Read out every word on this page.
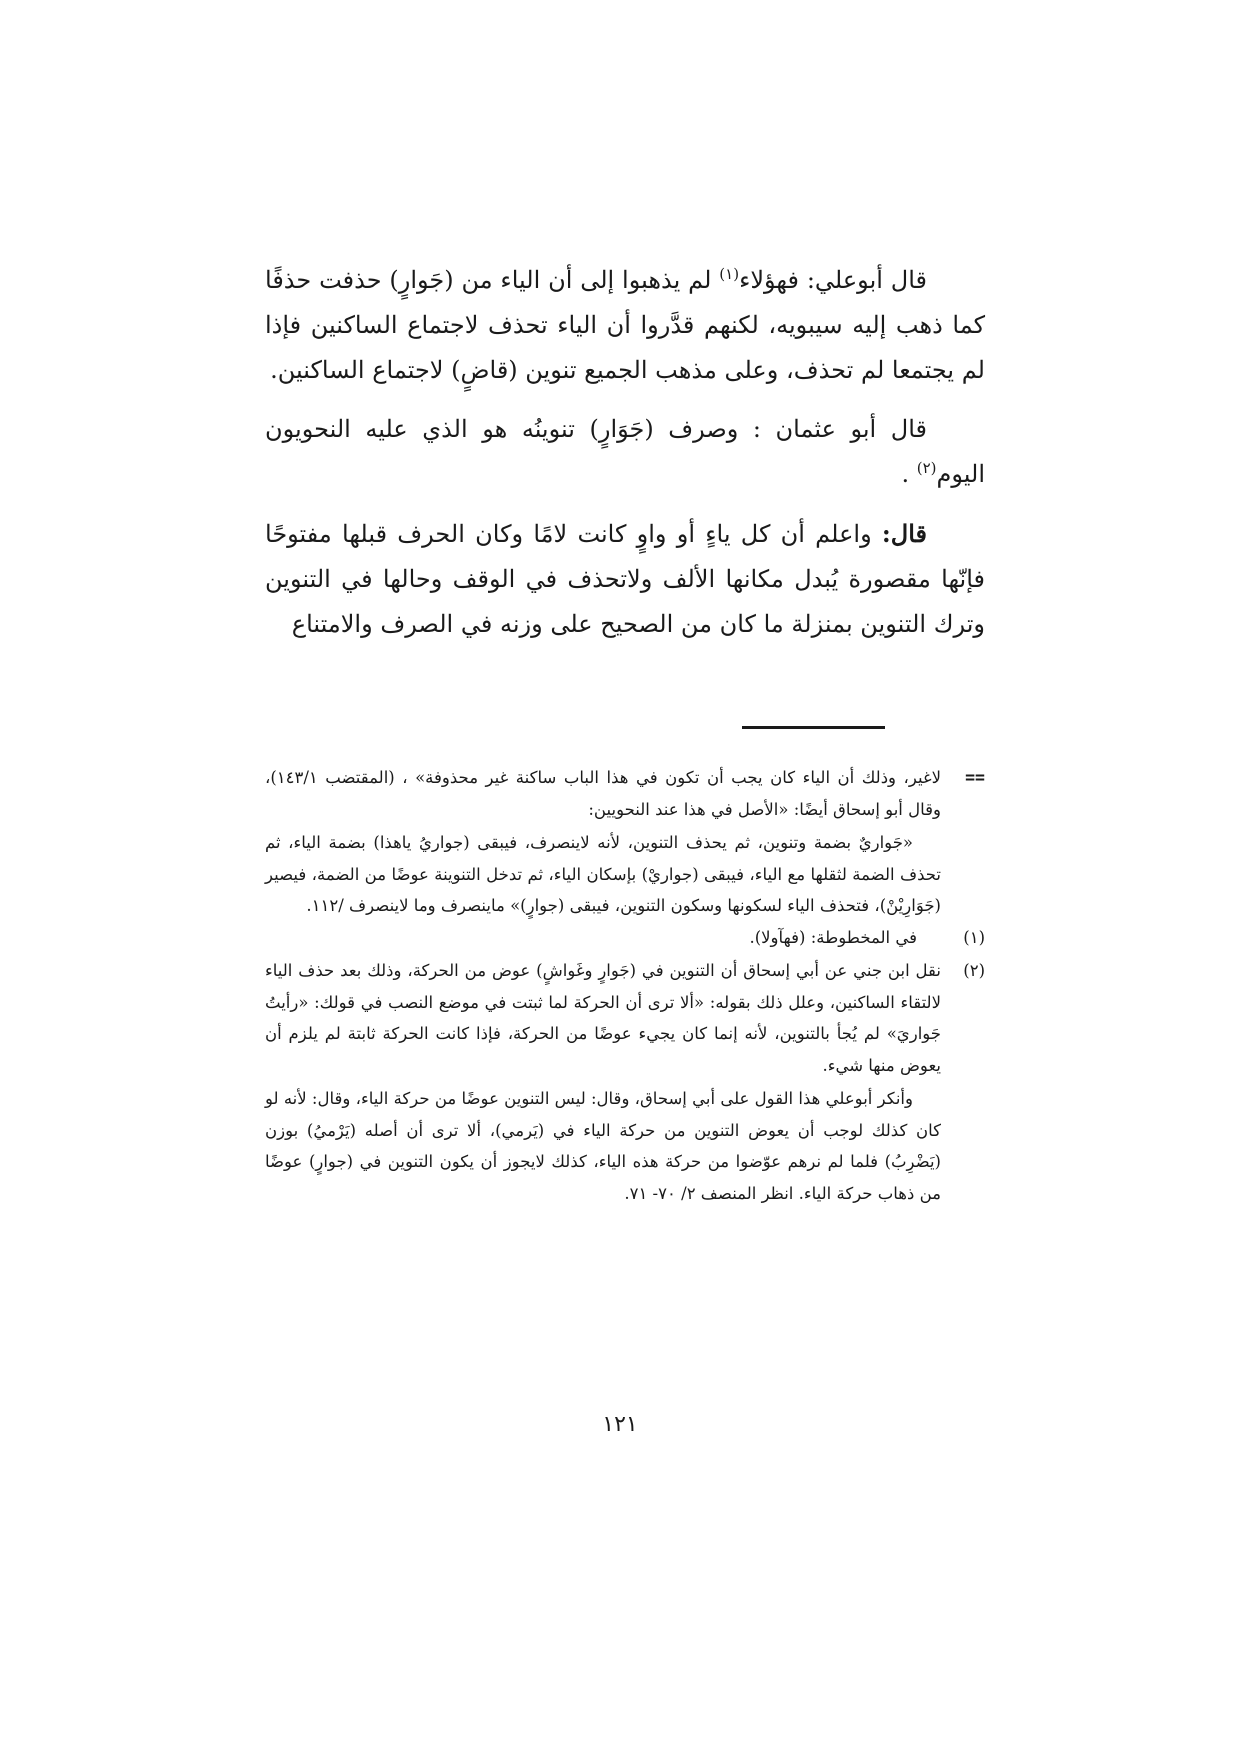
قال أبوعلي: فهؤلاء$^{(١)}$ لم يذهبوا إلى أن الياء من (جَوارٍ) حذفت حذفًا كما ذهب إليه سيبويه، لكنهم قدَّروا أن الياء تحذف لاجتماع الساكنين فإذا لم يجتمعا لم تحذف، وعلى مذهب الجميع تنوين (قاضٍ) لاجتماع الساكنين.

قال أبو عثمان : وصرف (جَوَارٍ) تنوينُه هو الذي عليه النحويون اليوم$^{(٢)}$ .

قال: واعلم أن كل ياءٍ أو واوٍ كانت لامًا وكان الحرف قبلها مفتوحًا فإنّها مقصورة يُبدل مكانها الألف ولاتحذف في الوقف وحالها في التنوين وترك التنوين بمنزلة ما كان من الصحيح على وزنه في الصرف والامتناع

==

لاغير، وذلك أن الياء كان يجب أن تكون في هذا الباب ساكنة غير محذوفة» ، (المقتضب ١٤٣/١)، وقال أبو إسحاق أيضًا: «الأصل في هذا عند النحويين:

«جَواريٌ بضمة وتنوين، ثم يحذف التنوين، لأنه لاينصرف، فيبقى (جواريُ ياهذا) بضمة الياء، ثم تحذف الضمة لثقلها مع الياء، فيبقى (جواريْ) بإسكان الياء، ثم تدخل التنوينة عوضًا من الضمة، فيصير (جَوَارِيْنْ)، فتحذف الياء لسكونها وسكون التنوين، فيبقى (جوارٍ)» ماينصرف وما لاينصرف /١١٢.

(١)

في المخطوطة: (فهآولا).

(٢)

نقل ابن جني عن أبي إسحاق أن التنوين في (جَوارٍ وغَواشٍ) عوض من الحركة، وذلك بعد حذف الياء لالتقاء الساكنين، وعلل ذلك بقوله: «ألا ترى أن الحركة لما ثبتت في موضع النصب في قولك: «رأيتُ جَواريَ» لم يُجأ بالتنوين، لأنه إنما كان يجيء عوضًا من الحركة، فإذا كانت الحركة ثابتة لم يلزم أن يعوض منها شيء.

وأنكر أبوعلي هذا القول على أبي إسحاق، وقال: ليس التنوين عوضًا من حركة الياء، وقال: لأنه لو كان كذلك لوجب أن يعوض التنوين من حركة الياء في (يَرمي)، ألا ترى أن أصله (يَرْميُ) بوزن (يَضْرِبُ) فلما لم نرهم عوّضوا من حركة هذه الياء، كذلك لايجوز أن يكون التنوين في (جوارٍ) عوضًا من ذهاب حركة الياء. انظر المنصف ٢/ ٧٠- ٧١.

١٢١
